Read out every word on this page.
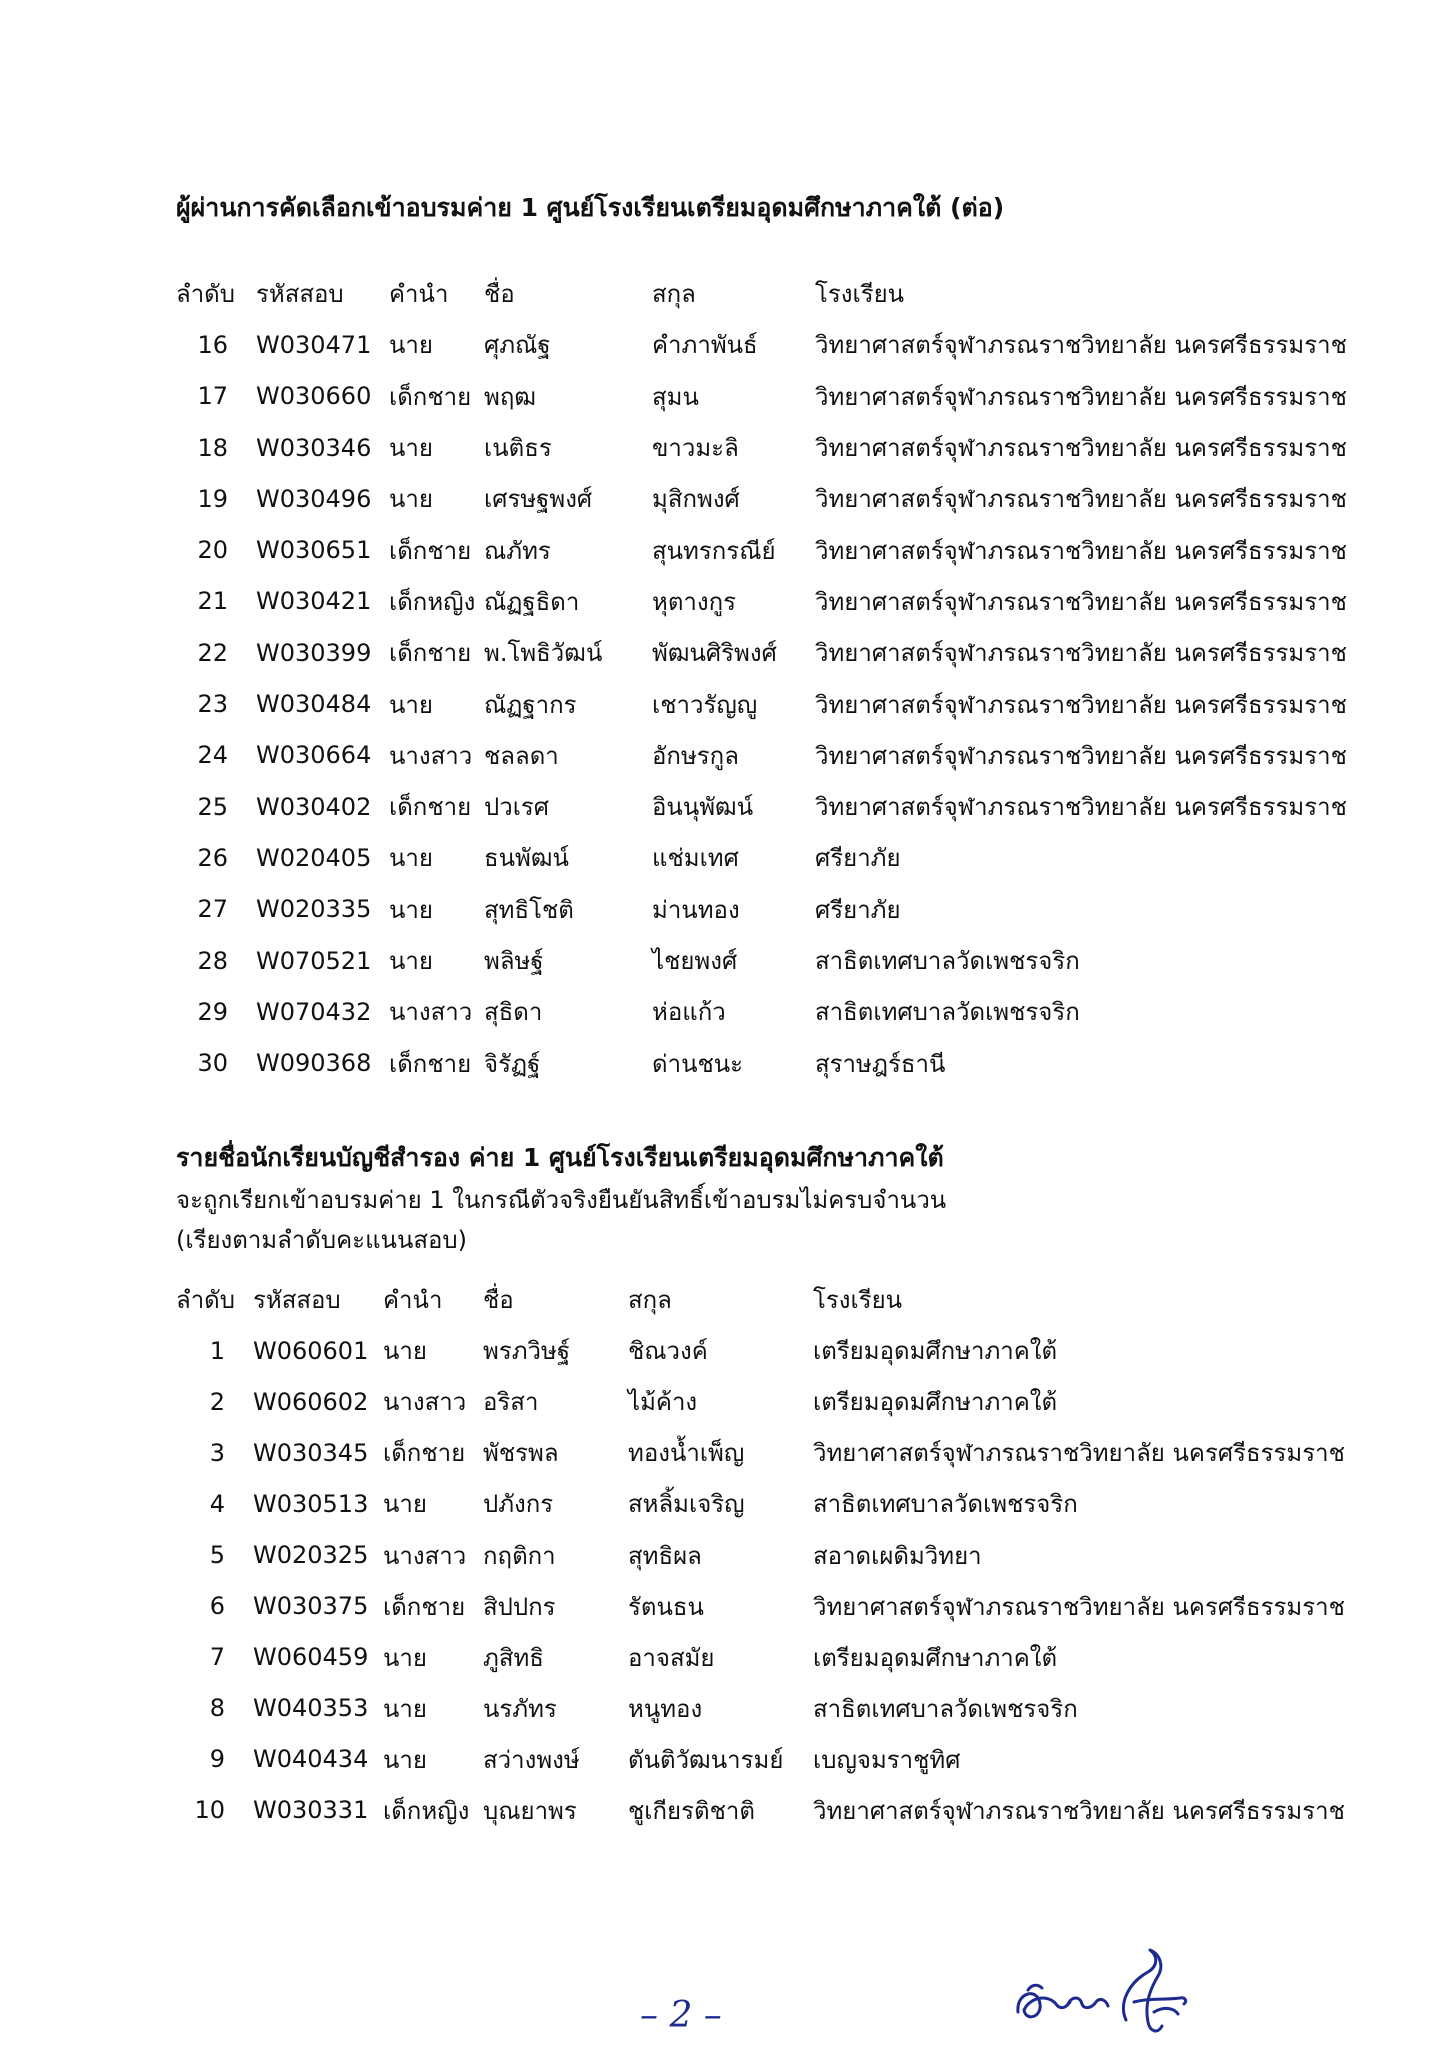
ผู้ผ่านการคัดเลือกเข้าอบรมค่าย 1 ศูนย์โรงเรียนเตรียมอุดมศึกษาภาคใต้ (ต่อ)
ลำดับ	รหัสสอบ	คำนำ	ชื่อ	สกุล	โรงเรียน
16	W030471	นาย	ศุภณัฐ	คำภาพันธ์	วิทยาศาสตร์จุฬาภรณราชวิทยาลัย นครศรีธรรมราช
17	W030660	เด็กชาย	พฤฒ	สุมน	วิทยาศาสตร์จุฬาภรณราชวิทยาลัย นครศรีธรรมราช
18	W030346	นาย	เนติธร	ขาวมะลิ	วิทยาศาสตร์จุฬาภรณราชวิทยาลัย นครศรีธรรมราช
19	W030496	นาย	เศรษฐพงศ์	มุสิกพงศ์	วิทยาศาสตร์จุฬาภรณราชวิทยาลัย นครศรีธรรมราช
20	W030651	เด็กชาย	ณภัทร	สุนทรกรณีย์	วิทยาศาสตร์จุฬาภรณราชวิทยาลัย นครศรีธรรมราช
21	W030421	เด็กหญิง	ณัฏฐธิดา	หุตางกูร	วิทยาศาสตร์จุฬาภรณราชวิทยาลัย นครศรีธรรมราช
22	W030399	เด็กชาย	พ.โพธิวัฒน์	พัฒนศิริพงศ์	วิทยาศาสตร์จุฬาภรณราชวิทยาลัย นครศรีธรรมราช
23	W030484	นาย	ณัฏฐากร	เชาวรัญญู	วิทยาศาสตร์จุฬาภรณราชวิทยาลัย นครศรีธรรมราช
24	W030664	นางสาว	ชลลดา	อักษรกูล	วิทยาศาสตร์จุฬาภรณราชวิทยาลัย นครศรีธรรมราช
25	W030402	เด็กชาย	ปวเรศ	อินนุพัฒน์	วิทยาศาสตร์จุฬาภรณราชวิทยาลัย นครศรีธรรมราช
26	W020405	นาย	ธนพัฒน์	แช่มเทศ	ศรียาภัย
27	W020335	นาย	สุทธิโชติ	ม่านทอง	ศรียาภัย
28	W070521	นาย	พลิษฐ์	ไชยพงศ์	สาธิตเทศบาลวัดเพชรจริก
29	W070432	นางสาว	สุธิดา	ห่อแก้ว	สาธิตเทศบาลวัดเพชรจริก
30	W090368	เด็กชาย	จิรัฏฐ์	ด่านชนะ	สุราษฎร์ธานี
รายชื่อนักเรียนบัญชีสำรอง ค่าย 1 ศูนย์โรงเรียนเตรียมอุดมศึกษาภาคใต้
จะถูกเรียกเข้าอบรมค่าย 1 ในกรณีตัวจริงยืนยันสิทธิ์เข้าอบรมไม่ครบจำนวน
(เรียงตามลำดับคะแนนสอบ)
ลำดับ	รหัสสอบ	คำนำ	ชื่อ	สกุล	โรงเรียน
1	W060601	นาย	พรภวิษฐ์	ชิณวงค์	เตรียมอุดมศึกษาภาคใต้
2	W060602	นางสาว	อริสา	ไม้ค้าง	เตรียมอุดมศึกษาภาคใต้
3	W030345	เด็กชาย	พัชรพล	ทองน้ำเพ็ญ	วิทยาศาสตร์จุฬาภรณราชวิทยาลัย นครศรีธรรมราช
4	W030513	นาย	ปภังกร	สหลิ้มเจริญ	สาธิตเทศบาลวัดเพชรจริก
5	W020325	นางสาว	กฤติกา	สุทธิผล	สอาดเผดิมวิทยา
6	W030375	เด็กชาย	สิปปกร	รัตนธน	วิทยาศาสตร์จุฬาภรณราชวิทยาลัย นครศรีธรรมราช
7	W060459	นาย	ภูสิทธิ	อาจสมัย	เตรียมอุดมศึกษาภาคใต้
8	W040353	นาย	นรภัทร	หนูทอง	สาธิตเทศบาลวัดเพชรจริก
9	W040434	นาย	สว่างพงษ์	ตันติวัฒนารมย์	เบญจมราชูทิศ
10	W030331	เด็กหญิง	บุณยาพร	ชูเกียรติชาติ	วิทยาศาสตร์จุฬาภรณราชวิทยาลัย นครศรีธรรมราช
– 2 –
